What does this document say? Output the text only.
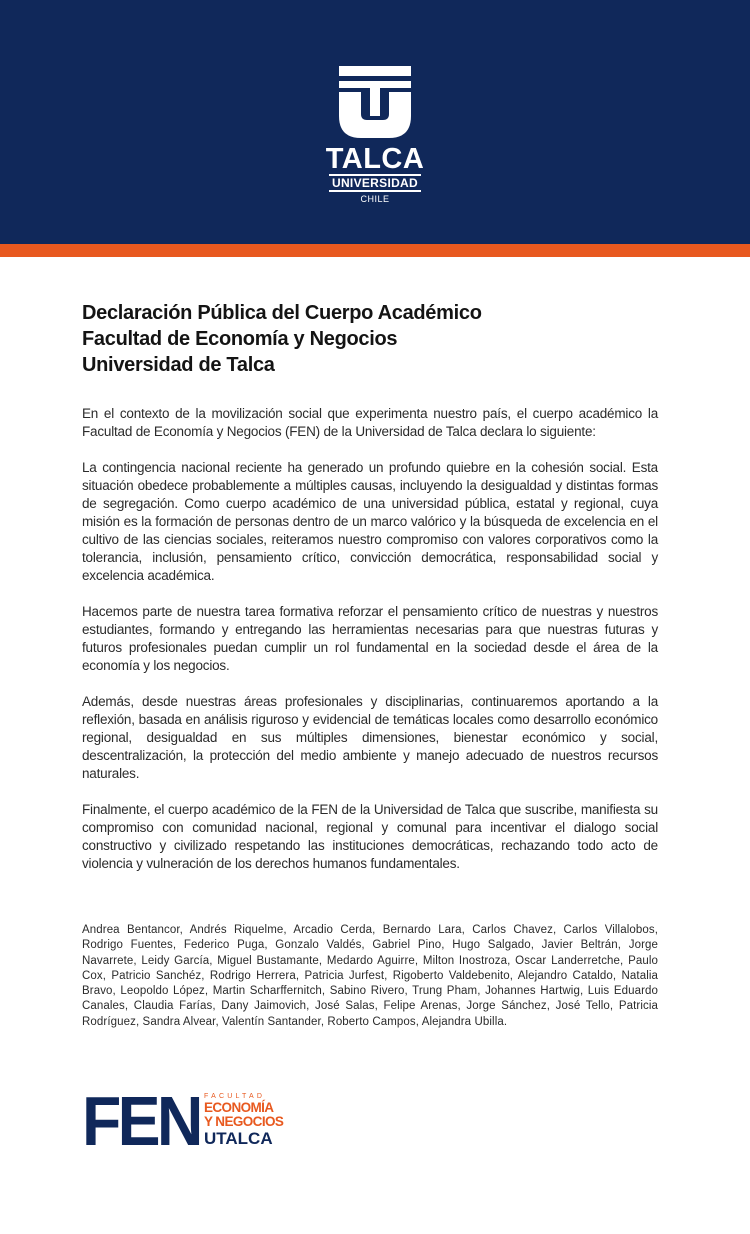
TALCA
UNIVERSIDAD
CHILE
Declaración Pública del Cuerpo Académico
Facultad de Economía y Negocios
Universidad de Talca

En el contexto de la movilización social que experimenta nuestro país, el cuerpo académico la Facultad de Economía y Negocios (FEN) de la Universidad de Talca declara lo siguiente:

La contingencia nacional reciente ha generado un profundo quiebre en la cohesión social. Esta situación obedece probablemente a múltiples causas, incluyendo la desigualdad y distintas formas de segregación. Como cuerpo académico de una universidad pública, estatal y regional, cuya misión es la formación de personas dentro de un marco valórico y la búsqueda de excelencia en el cultivo de las ciencias sociales, reiteramos nuestro compromiso con valores corporativos como la tolerancia, inclusión, pensamiento crítico, convicción democrática, responsabilidad social y excelencia académica.

Hacemos parte de nuestra tarea formativa reforzar el pensamiento crítico de nuestras y nuestros estudiantes, formando y entregando las herramientas necesarias para que nuestras futuras y futuros profesionales puedan cumplir un rol fundamental en la sociedad desde el área de la economía y los negocios.

Además, desde nuestras áreas profesionales y disciplinarias, continuaremos aportando a la reflexión, basada en análisis riguroso y evidencial de temáticas locales como desarrollo económico regional, desigualdad en sus múltiples dimensiones, bienestar económico y social, descentralización, la protección del medio ambiente y manejo adecuado de nuestros recursos naturales.

Finalmente, el cuerpo académico de la FEN de la Universidad de Talca que suscribe, manifiesta su compromiso con comunidad nacional, regional y comunal para incentivar el dialogo social constructivo y civilizado respetando las instituciones democráticas, rechazando todo acto de violencia y vulneración de los derechos humanos fundamentales.

Andrea Bentancor, Andrés Riquelme, Arcadio Cerda, Bernardo Lara, Carlos Chavez, Carlos Villalobos, Rodrigo Fuentes, Federico Puga, Gonzalo Valdés, Gabriel Pino, Hugo Salgado, Javier Beltrán, Jorge Navarrete, Leidy García, Miguel Bustamante, Medardo Aguirre, Milton Inostroza, Oscar Landerretche, Paulo Cox, Patricio Sanchéz, Rodrigo Herrera, Patricia Jurfest, Rigoberto Valdebenito, Alejandro Cataldo, Natalia Bravo, Leopoldo López, Martin Scharffernitch, Sabino Rivero, Trung Pham, Johannes Hartwig, Luis Eduardo Canales, Claudia Farías, Dany Jaimovich, José Salas, Felipe Arenas, Jorge Sánchez, José Tello, Patricia Rodríguez, Sandra Alvear, Valentín Santander, Roberto Campos, Alejandra Ubilla.
FEN FACULTAD
ECONOMÍA
Y NEGOCIOS
UTALCA
